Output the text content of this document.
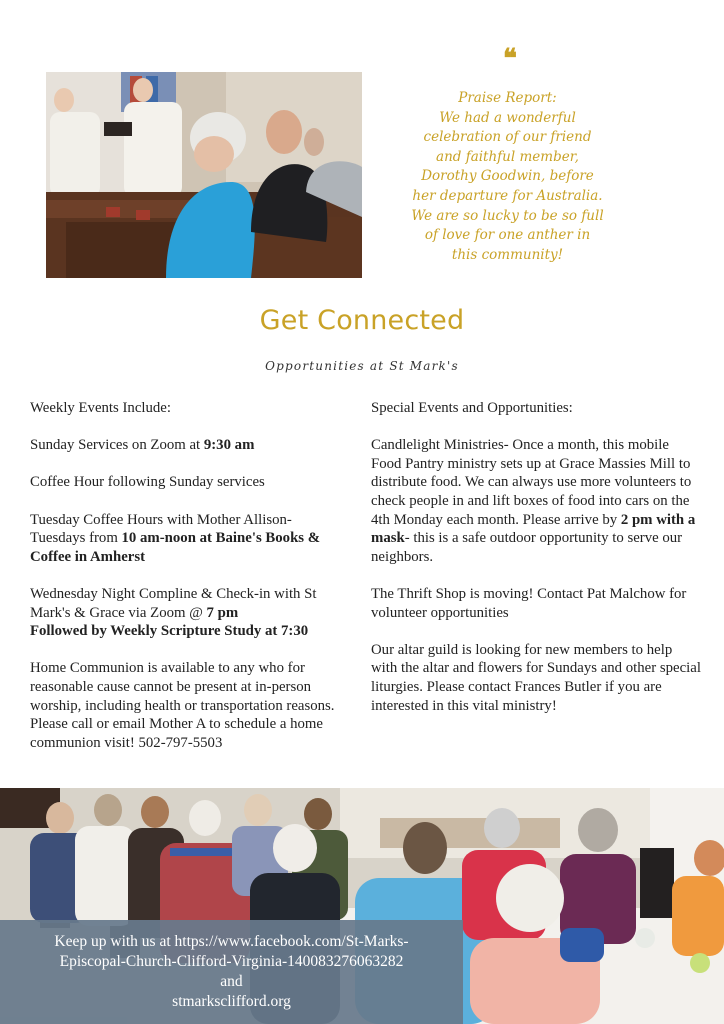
❝
Praise Report:
We had a wonderful
celebration of our friend
and faithful member,
Dorothy Goodwin, before
her departure for Australia.
We are so lucky to be so full
of love for one anther in
this community!
Get Connected
Opportunities at St Mark's

Weekly Events Include:

Sunday Services on Zoom at 9:30 am

Coffee Hour following Sunday services

Tuesday Coffee Hours with Mother Allison- Tuesdays from 10 am-noon at Baine's Books & Coffee in Amherst

Wednesday Night Compline & Check-in with St Mark's & Grace via Zoom @ 7 pm
Followed by Weekly Scripture Study at 7:30

Home Communion is available to any who for reasonable cause cannot be present at in-person worship, including health or transportation reasons. Please call or email Mother A to schedule a home communion visit! 502-797-5503

Special Events and Opportunities:

Candlelight Ministries- Once a month, this mobile Food Pantry ministry sets up at Grace Massies Mill to distribute food. We can always use more volunteers to check people in and lift boxes of food into cars on the 4th Monday each month. Please arrive by 2 pm with a mask- this is a safe outdoor opportunity to serve our neighbors.

The Thrift Shop is moving! Contact Pat Malchow for volunteer opportunities

Our altar guild is looking for new members to help with the altar and flowers for Sundays and other special liturgies. Please contact Frances Butler if you are interested in this vital ministry!

Keep up with us at https://www.facebook.com/St-Marks-
Episcopal-Church-Clifford-Virginia-140083276063282
and
stmarksclifford.org
